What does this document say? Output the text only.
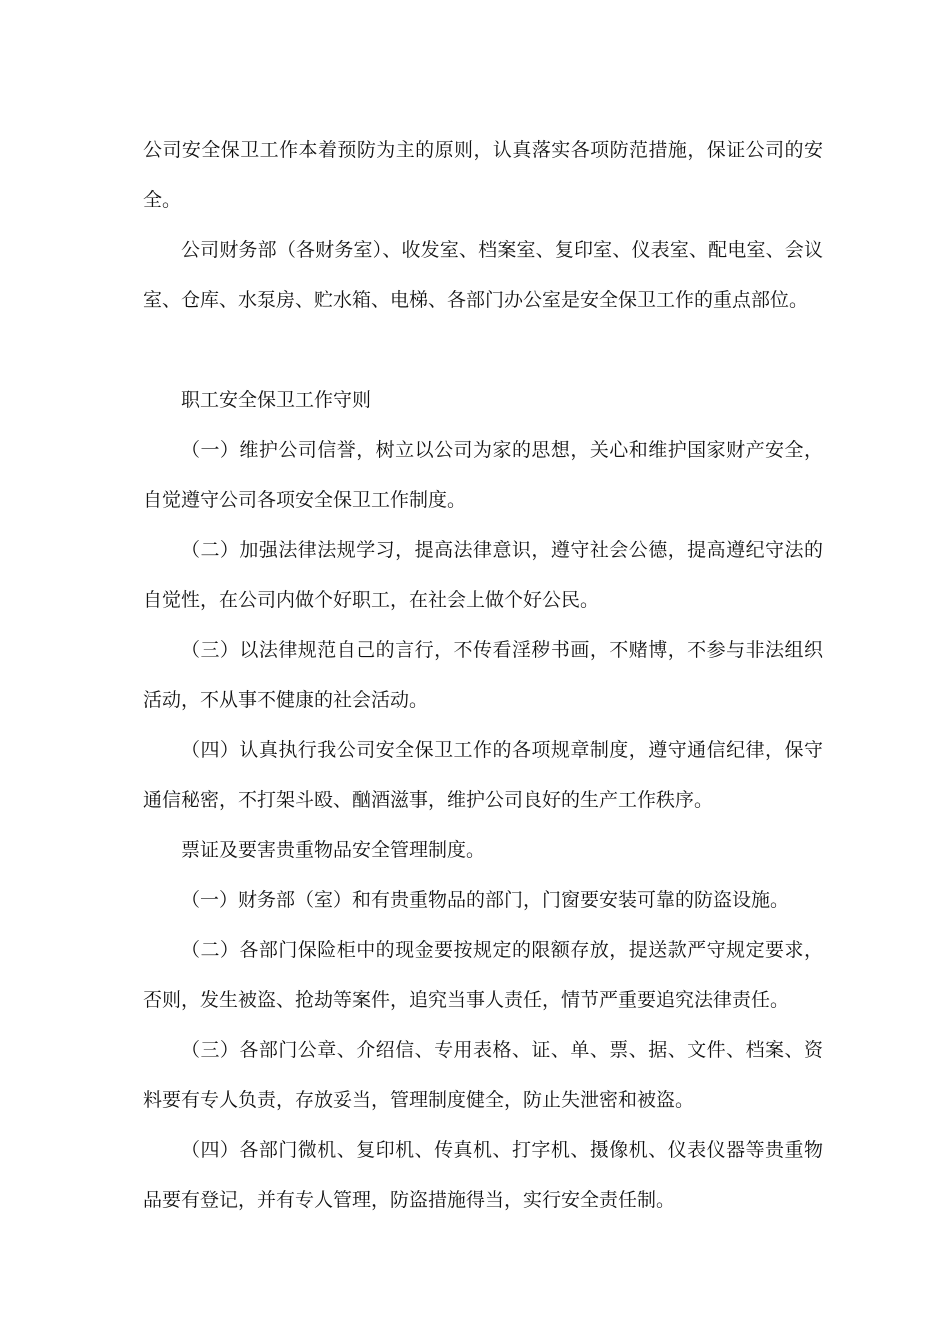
公司安全保卫工作本着预防为主的原则，认真落实各项防范措施，保证公司的安全。

公司财务部（各财务室）、收发室、档案室、复印室、仪表室、配电室、会议室、仓库、水泵房、贮水箱、电梯、各部门办公室是安全保卫工作的重点部位。

职工安全保卫工作守则

（一）维护公司信誉，树立以公司为家的思想，关心和维护国家财产安全，自觉遵守公司各项安全保卫工作制度。

（二）加强法律法规学习，提高法律意识，遵守社会公德，提高遵纪守法的自觉性，在公司内做个好职工，在社会上做个好公民。

（三）以法律规范自己的言行，不传看淫秽书画，不赌博，不参与非法组织活动，不从事不健康的社会活动。

（四）认真执行我公司安全保卫工作的各项规章制度，遵守通信纪律，保守通信秘密，不打架斗殴、酗酒滋事，维护公司良好的生产工作秩序。

票证及要害贵重物品安全管理制度。

（一）财务部（室）和有贵重物品的部门，门窗要安装可靠的防盗设施。

（二）各部门保险柜中的现金要按规定的限额存放，提送款严守规定要求，否则，发生被盗、抢劫等案件，追究当事人责任，情节严重要追究法律责任。

（三）各部门公章、介绍信、专用表格、证、单、票、据、文件、档案、资料要有专人负责，存放妥当，管理制度健全，防止失泄密和被盗。

（四）各部门微机、复印机、传真机、打字机、摄像机、仪表仪器等贵重物品要有登记，并有专人管理，防盗措施得当，实行安全责任制。
